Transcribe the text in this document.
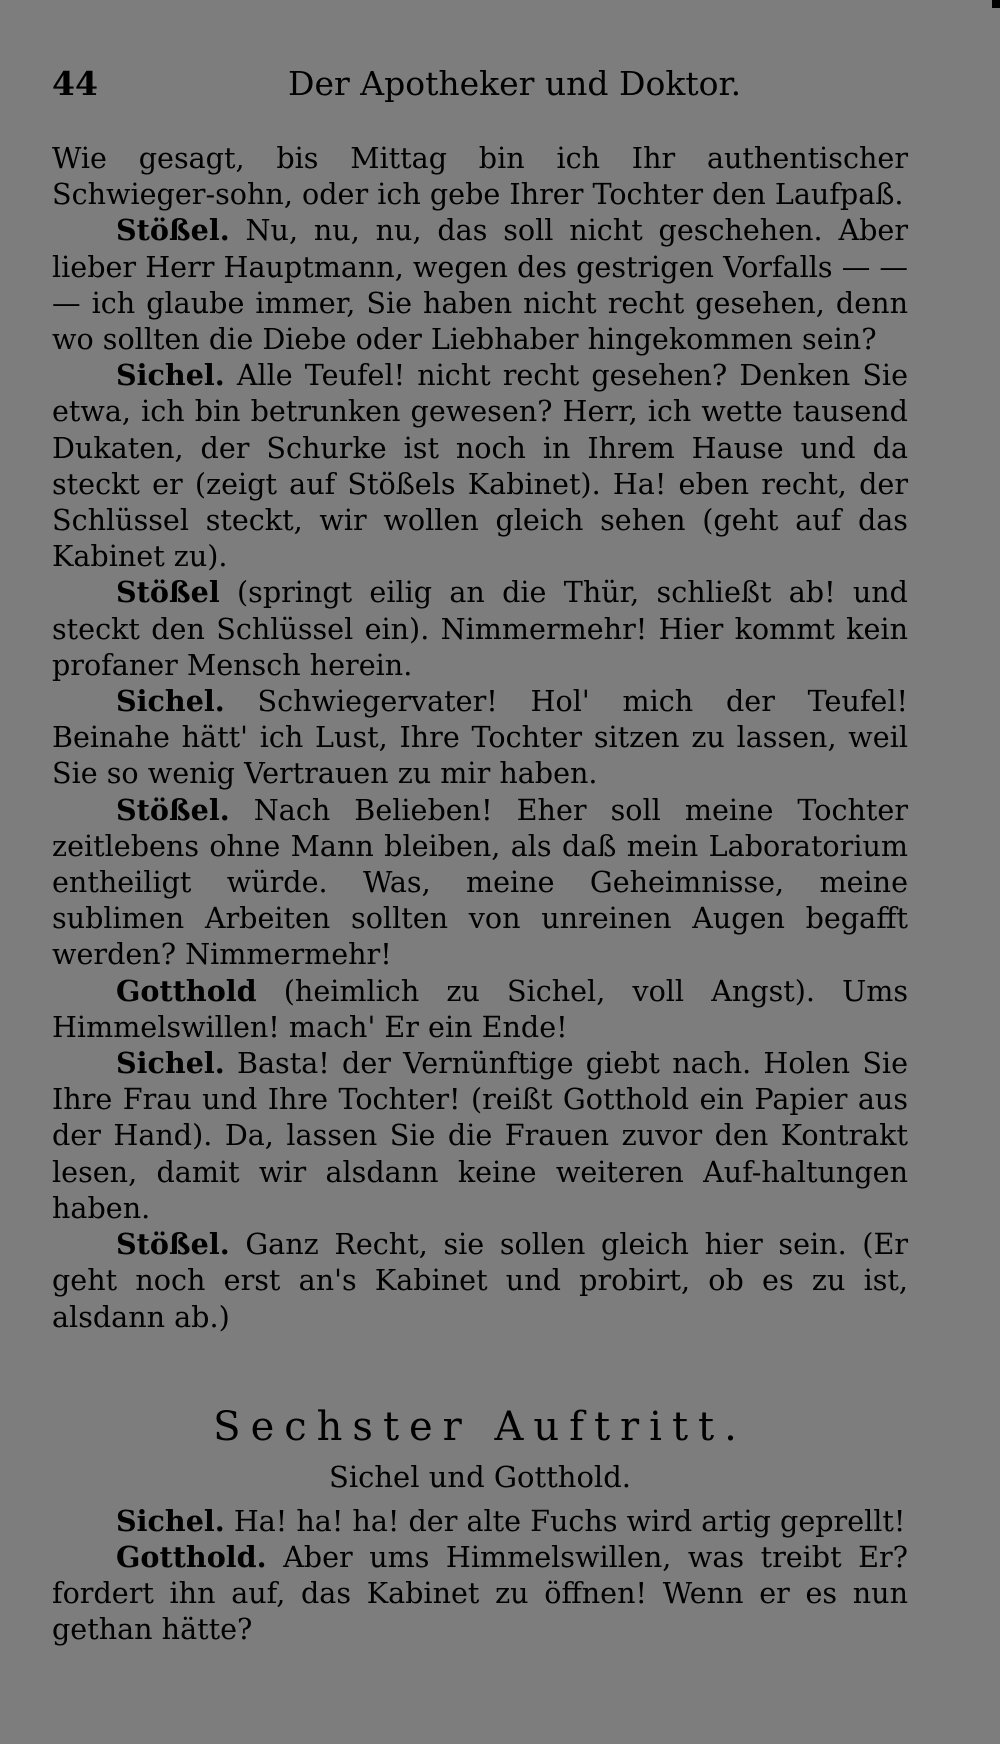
44	Der Apotheker und Doktor.

Wie gesagt, bis Mittag bin ich Ihr authentischer Schwieger-sohn, oder ich gebe Ihrer Tochter den Laufpaß.

Stößel. Nu, nu, nu, das soll nicht geschehen. Aber lieber Herr Hauptmann, wegen des gestrigen Vorfalls — — — ich glaube immer, Sie haben nicht recht gesehen, denn wo sollten die Diebe oder Liebhaber hingekommen sein?

Sichel. Alle Teufel! nicht recht gesehen? Denken Sie etwa, ich bin betrunken gewesen? Herr, ich wette tausend Dukaten, der Schurke ist noch in Ihrem Hause und da steckt er (zeigt auf Stößels Kabinet). Ha! eben recht, der Schlüssel steckt, wir wollen gleich sehen (geht auf das Kabinet zu).

Stößel (springt eilig an die Thür, schließt ab! und steckt den Schlüssel ein). Nimmermehr! Hier kommt kein profaner Mensch herein.

Sichel. Schwiegervater! Hol' mich der Teufel! Beinahe hätt' ich Lust, Ihre Tochter sitzen zu lassen, weil Sie so wenig Vertrauen zu mir haben.

Stößel. Nach Belieben! Eher soll meine Tochter zeitlebens ohne Mann bleiben, als daß mein Laboratorium entheiligt würde. Was, meine Geheimnisse, meine sublimen Arbeiten sollten von unreinen Augen begafft werden? Nimmermehr!

Gotthold (heimlich zu Sichel, voll Angst). Ums Himmelswillen! mach' Er ein Ende!

Sichel. Basta! der Vernünftige giebt nach. Holen Sie Ihre Frau und Ihre Tochter! (reißt Gotthold ein Papier aus der Hand). Da, lassen Sie die Frauen zuvor den Kontrakt lesen, damit wir alsdann keine weiteren Auf-haltungen haben.

Stößel. Ganz Recht, sie sollen gleich hier sein. (Er geht noch erst an's Kabinet und probirt, ob es zu ist, alsdann ab.)

Sechster Auftritt.
Sichel und Gotthold.

Sichel. Ha! ha! ha! der alte Fuchs wird artig geprellt!

Gotthold. Aber ums Himmelswillen, was treibt Er? fordert ihn auf, das Kabinet zu öffnen! Wenn er es nun gethan hätte?
